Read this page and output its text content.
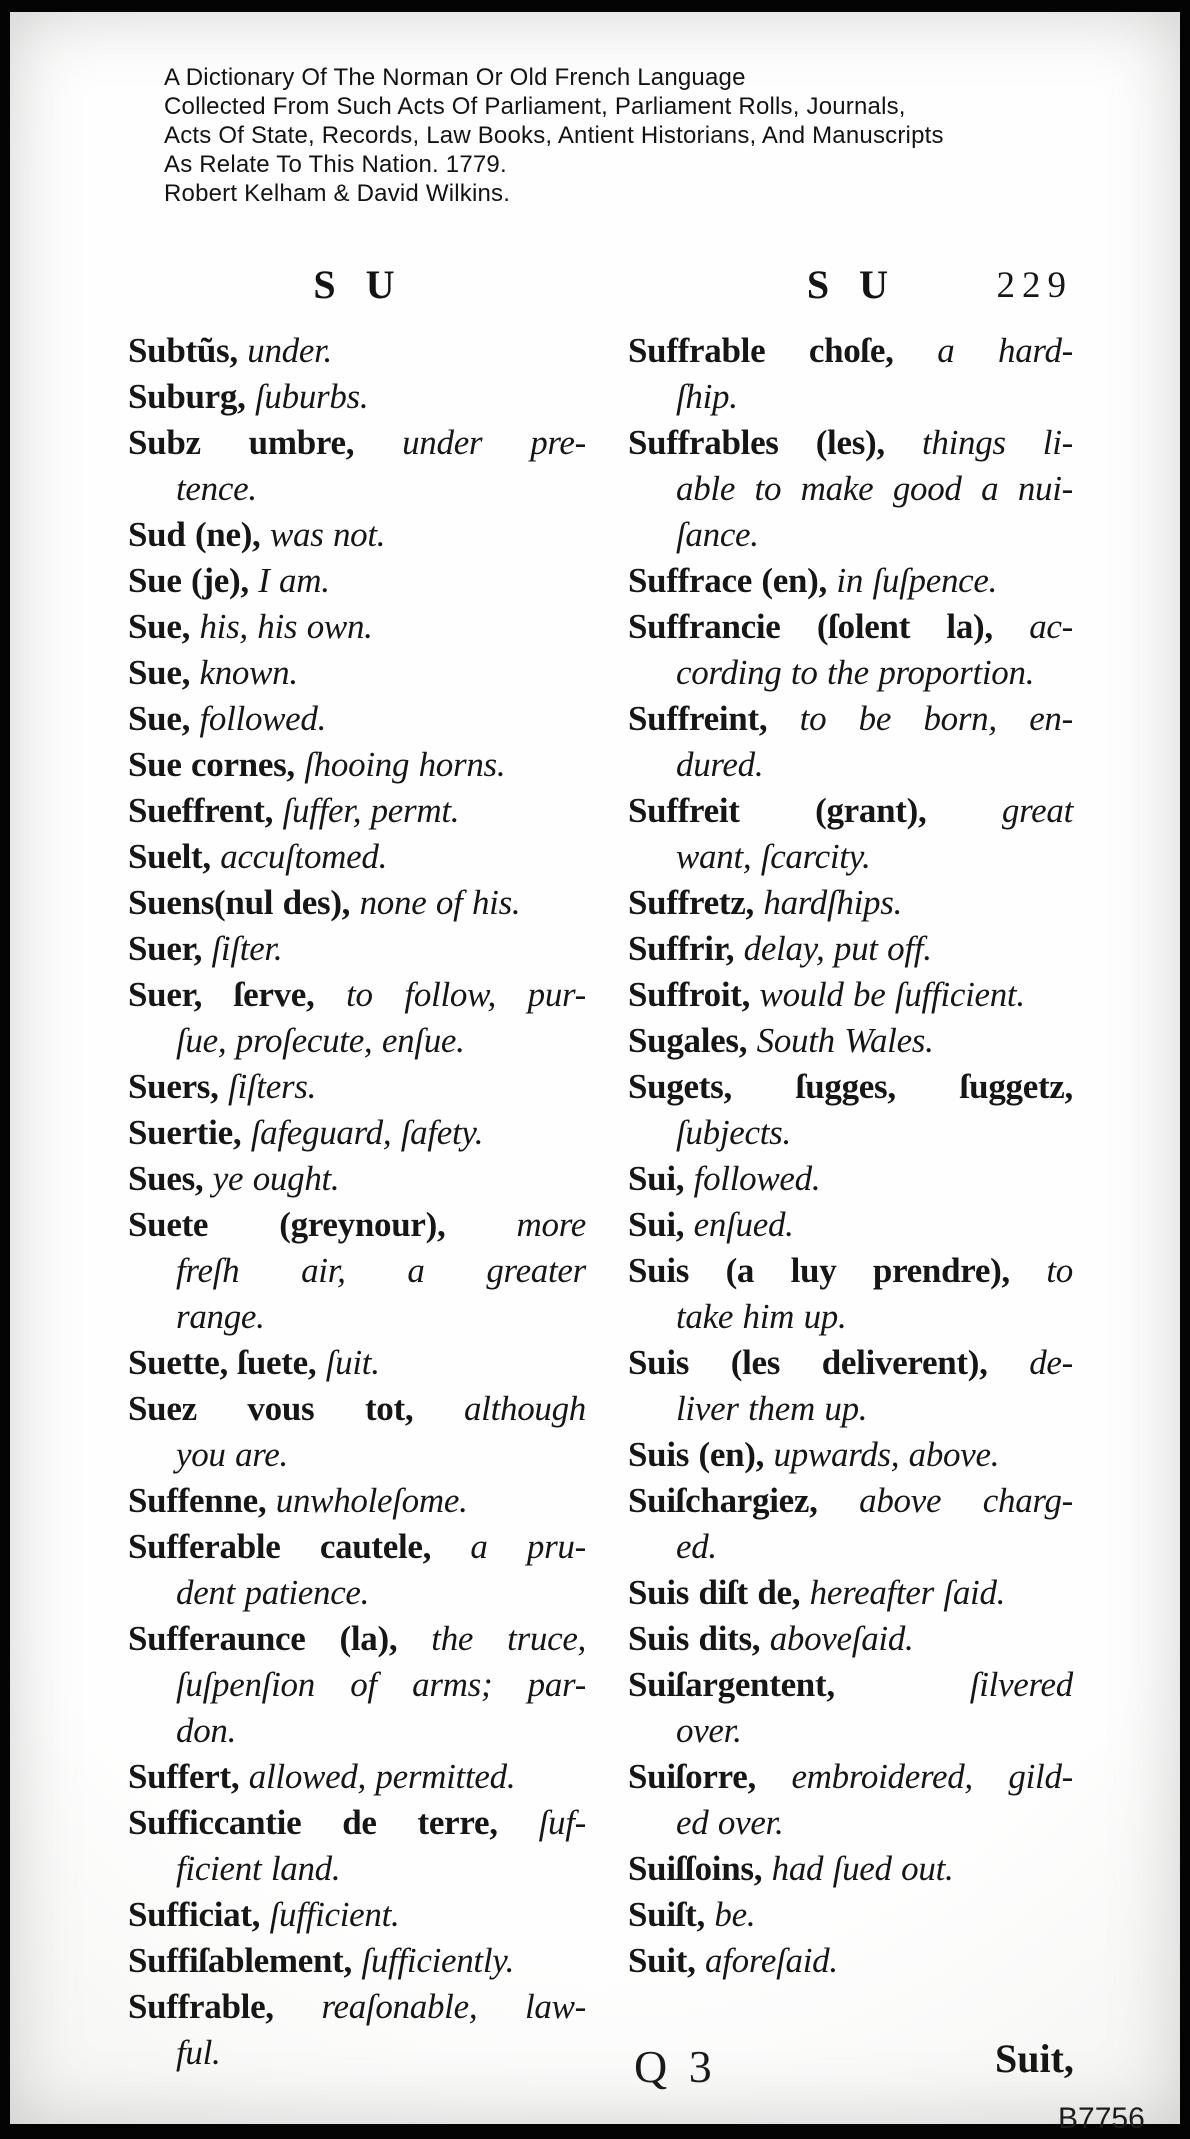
A Dictionary Of The Norman Or Old French Language
Collected From Such Acts Of Parliament, Parliament Rolls, Journals,
Acts Of State, Records, Law Books, Antient Historians, And Manuscripts
As Relate To This Nation. 1779.
Robert Kelham & David Wilkins.
S U	S U	229
Subtũs, under.
Suburg, ſuburbs.
Subz umbre, under pre-
tence.
Sud (ne), was not.
Sue (je), I am.
Sue, his, his own.
Sue, known.
Sue, followed.
Sue cornes, ſhooing horns.
Sueffrent, ſuffer, permt.
Suelt, accuſtomed.
Suens(nul des), none of his.
Suer, ſiſter.
Suer, ſerve, to follow, pur-
ſue, proſecute, enſue.
Suers, ſiſters.
Suertie, ſafeguard, ſafety.
Sues, ye ought.
Suete (greynour), more
freſh air, a greater
range.
Suette, ſuete, ſuit.
Suez vous tot, although
you are.
Suffenne, unwholeſome.
Sufferable cautele, a pru-
dent patience.
Sufferaunce (la), the truce,
ſuſpenſion of arms; par-
don.
Suffert, allowed, permitted.
Sufficcantie de terre, ſuf-
ficient land.
Sufficiat, ſufficient.
Suffiſablement, ſufficiently.
Suffrable, reaſonable, law-
ful.
Suffrable choſe, a hard-
ſhip.
Suffrables (les), things li-
able to make good a nui-
ſance.
Suffrace (en), in ſuſpence.
Suffrancie (ſolent la), ac-
cording to the proportion.
Suffreint, to be born, en-
dured.
Suffreit (grant), great
want, ſcarcity.
Suffretz, hardſhips.
Suffrir, delay, put off.
Suffroit, would be ſufficient.
Sugales, South Wales.
Sugets, ſugges, ſuggetz,
ſubjects.
Sui, followed.
Sui, enſued.
Suis (a luy prendre), to
take him up.
Suis (les deliverent), de-
liver them up.
Suis (en), upwards, above.
Suiſchargiez, above charg-
ed.
Suis diſt de, hereafter ſaid.
Suis dits, aboveſaid.
Suiſargentent, ſilvered
over.
Suiſorre, embroidered, gild-
ed over.
Suiſſoins, had ſued out.
Suiſt, be.
Suit, aforeſaid.
Q 3	Suit,
B7756
